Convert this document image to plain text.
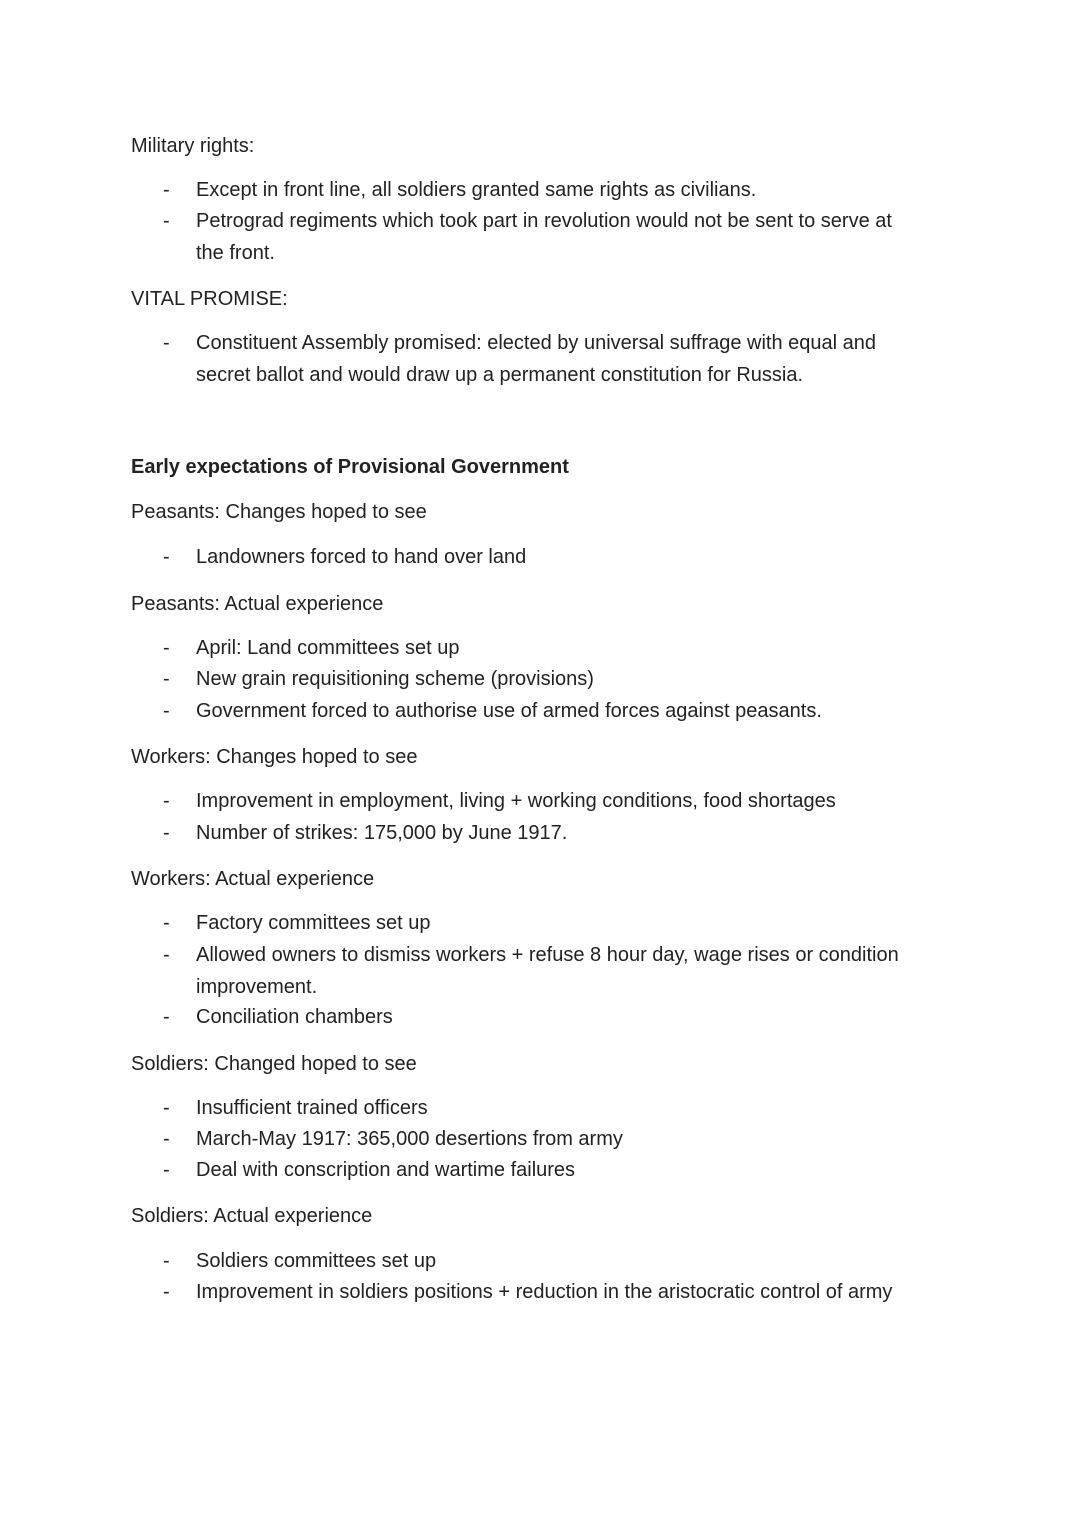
Military rights:
-	Except in front line, all soldiers granted same rights as civilians.
-	Petrograd regiments which took part in revolution would not be sent to serve at the front.
VITAL PROMISE:
-	Constituent Assembly promised: elected by universal suffrage with equal and secret ballot and would draw up a permanent constitution for Russia.
Early expectations of Provisional Government
Peasants: Changes hoped to see
-	Landowners forced to hand over land
Peasants: Actual experience
-	April: Land committees set up
-	New grain requisitioning scheme (provisions)
-	Government forced to authorise use of armed forces against peasants.
Workers: Changes hoped to see
-	Improvement in employment, living + working conditions, food shortages
-	Number of strikes: 175,000 by June 1917.
Workers: Actual experience
-	Factory committees set up
-	Allowed owners to dismiss workers + refuse 8 hour day, wage rises or condition improvement.
-	Conciliation chambers
Soldiers: Changed hoped to see
-	Insufficient trained officers
-	March-May 1917: 365,000 desertions from army
-	Deal with conscription and wartime failures
Soldiers: Actual experience
-	Soldiers committees set up
-	Improvement in soldiers positions + reduction in the aristocratic control of army
